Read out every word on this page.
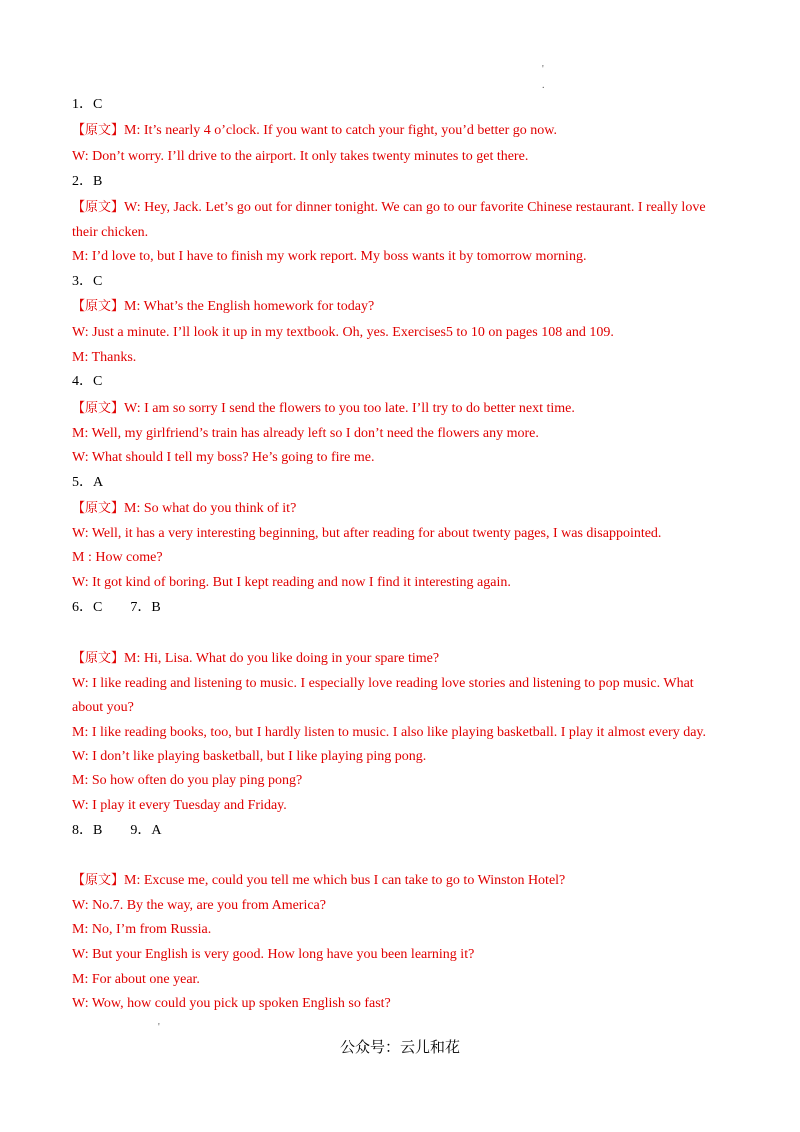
'
.
1．C
【原文】M: It’s nearly 4 o’clock. If you want to catch your fight, you’d better go now.
W: Don’t worry. I’ll drive to the airport. It only takes twenty minutes to get there.
2．B
【原文】W: Hey, Jack. Let’s go out for dinner tonight. We can go to our favorite Chinese restaurant. I really love
their chicken.
M: I’d love to, but I have to finish my work report. My boss wants it by tomorrow morning.
3．C
【原文】M: What’s the English homework for today?
W: Just a minute. I’ll look it up in my textbook. Oh, yes. Exercises5 to 10 on pages 108 and 109.
M: Thanks.
4．C
【原文】W: I am so sorry I send the flowers to you too late. I’ll try to do better next time.
M: Well, my girlfriend’s train has already left so I don’t need the flowers any more.
W: What should I tell my boss? He’s going to fire me.
5．A
【原文】M: So what do you think of it?
W: Well, it has a very interesting beginning, but after reading for about twenty pages, I was disappointed.
M : How come?
W: It got kind of boring. But I kept reading and now I find it interesting again.
6．C 7．B
【原文】M: Hi, Lisa. What do you like doing in your spare time?
W: I like reading and listening to music. I especially love reading love stories and listening to pop music. What
about you?
M: I like reading books, too, but I hardly listen to music. I also like playing basketball. I play it almost every day.
W: I don’t like playing basketball, but I like playing ping pong.
M: So how often do you play ping pong?
W: I play it every Tuesday and Friday.
8．B 9．A
【原文】M: Excuse me, could you tell me which bus I can take to go to Winston Hotel?
W: No.7. By the way, are you from America?
M: No, I’m from Russia.
W: But your English is very good. How long have you been learning it?
M: For about one year.
W: Wow, how could you pick up spoken English so fast?
'
公众号：云儿和花
